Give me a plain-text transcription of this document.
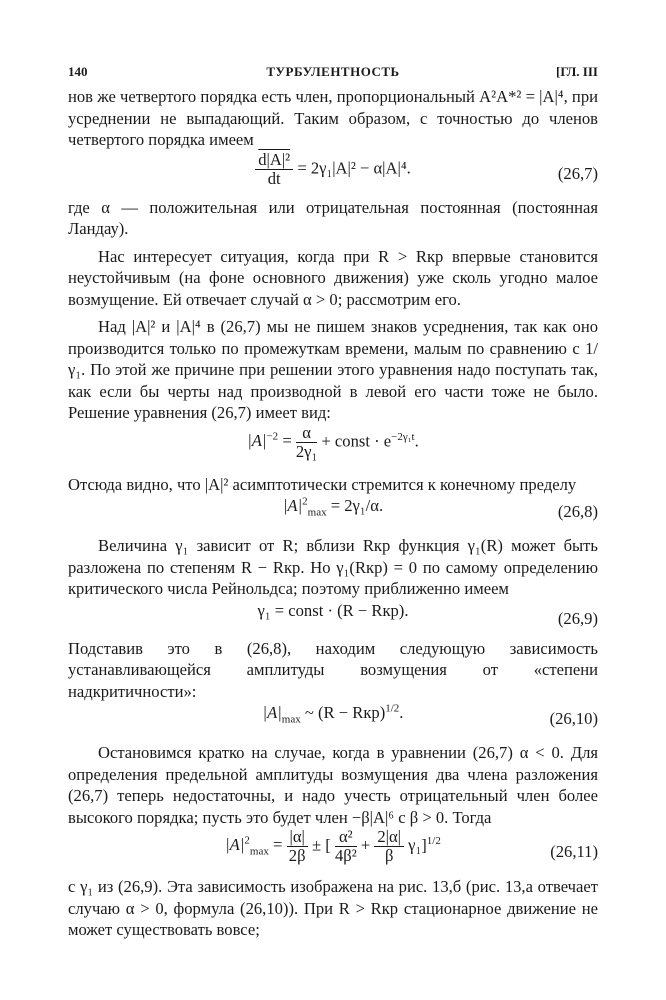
140	ТУРБУЛЕНТНОСТЬ	[ГЛ. III

нов же четвертого порядка есть член, пропорциональный A²A*² = |A|⁴, при усреднении не выпадающий. Таким образом, с точностью до членов четвертого порядка имеем

$\frac{\text{d|A|²}}{dt} = 2\gamma_1|A|^2 - \alpha|A|^4$.	(26,7)

где α — положительная или отрицательная постоянная (постоянная Ландау).

Нас интересует ситуация, когда при R > Rкр впервые становится неустойчивым (на фоне основного движения) уже сколь угодно малое возмущение. Ей отвечает случай α > 0; рассмотрим его.

Над |A|² и |A|⁴ в (26,7) мы не пишем знаков усреднения, так как оно производится только по промежуткам времени, малым по сравнению с 1/γ₁. По этой же причине при решении этого уравнения надо поступать так, как если бы черты над производной в левой его части тоже не было. Решение уравнения (26,7) имеет вид:

$|A|^{-2} = \frac{\alpha}{\text{2γ₁}}$ + const · $e^{-2\gamma_1t}$.

Отсюда видно, что |A|² асимптотически стремится к конечному пределу

$|A|^2_{max} = 2\gamma_1/\alpha$.	(26,8)

Величина γ₁ зависит от R; вблизи Rкр функция γ₁(R) может быть разложена по степеням R − Rкр. Но γ₁(Rкр) = 0 по самому определению критического числа Рейнольдса; поэтому приближенно имеем

γ₁ = const · (R − Rкр).	(26,9)

Подставив это в (26,8), находим следующую зависимость устанавливающейся амплитуды возмущения от «степени надкритичности»:

$|A|_{max}$ ~ (R − Rкр)$^{1/2}$.	(26,10)

Остановимся кратко на случае, когда в уравнении (26,7) α < 0. Для определения предельной амплитуды возмущения два члена разложения (26,7) теперь недостаточны, и надо учесть отрицательный член более высокого порядка; пусть это будет член −β|A|⁶ с β > 0. Тогда

$|A|^2_{max} = \frac{|\alpha|}{2\beta}$ ± [ $\frac{\text{α²}}{\text{4β²}} + \frac{2|\alpha|}{\beta} \gamma_1]^{1/2}$
(26,11)

с γ₁ из (26,9). Эта зависимость изображена на рис. 13,б (рис. 13,а отвечает случаю α > 0, формула (26,10)). При R > Rкр стационарное движение не может существовать вовсе;
